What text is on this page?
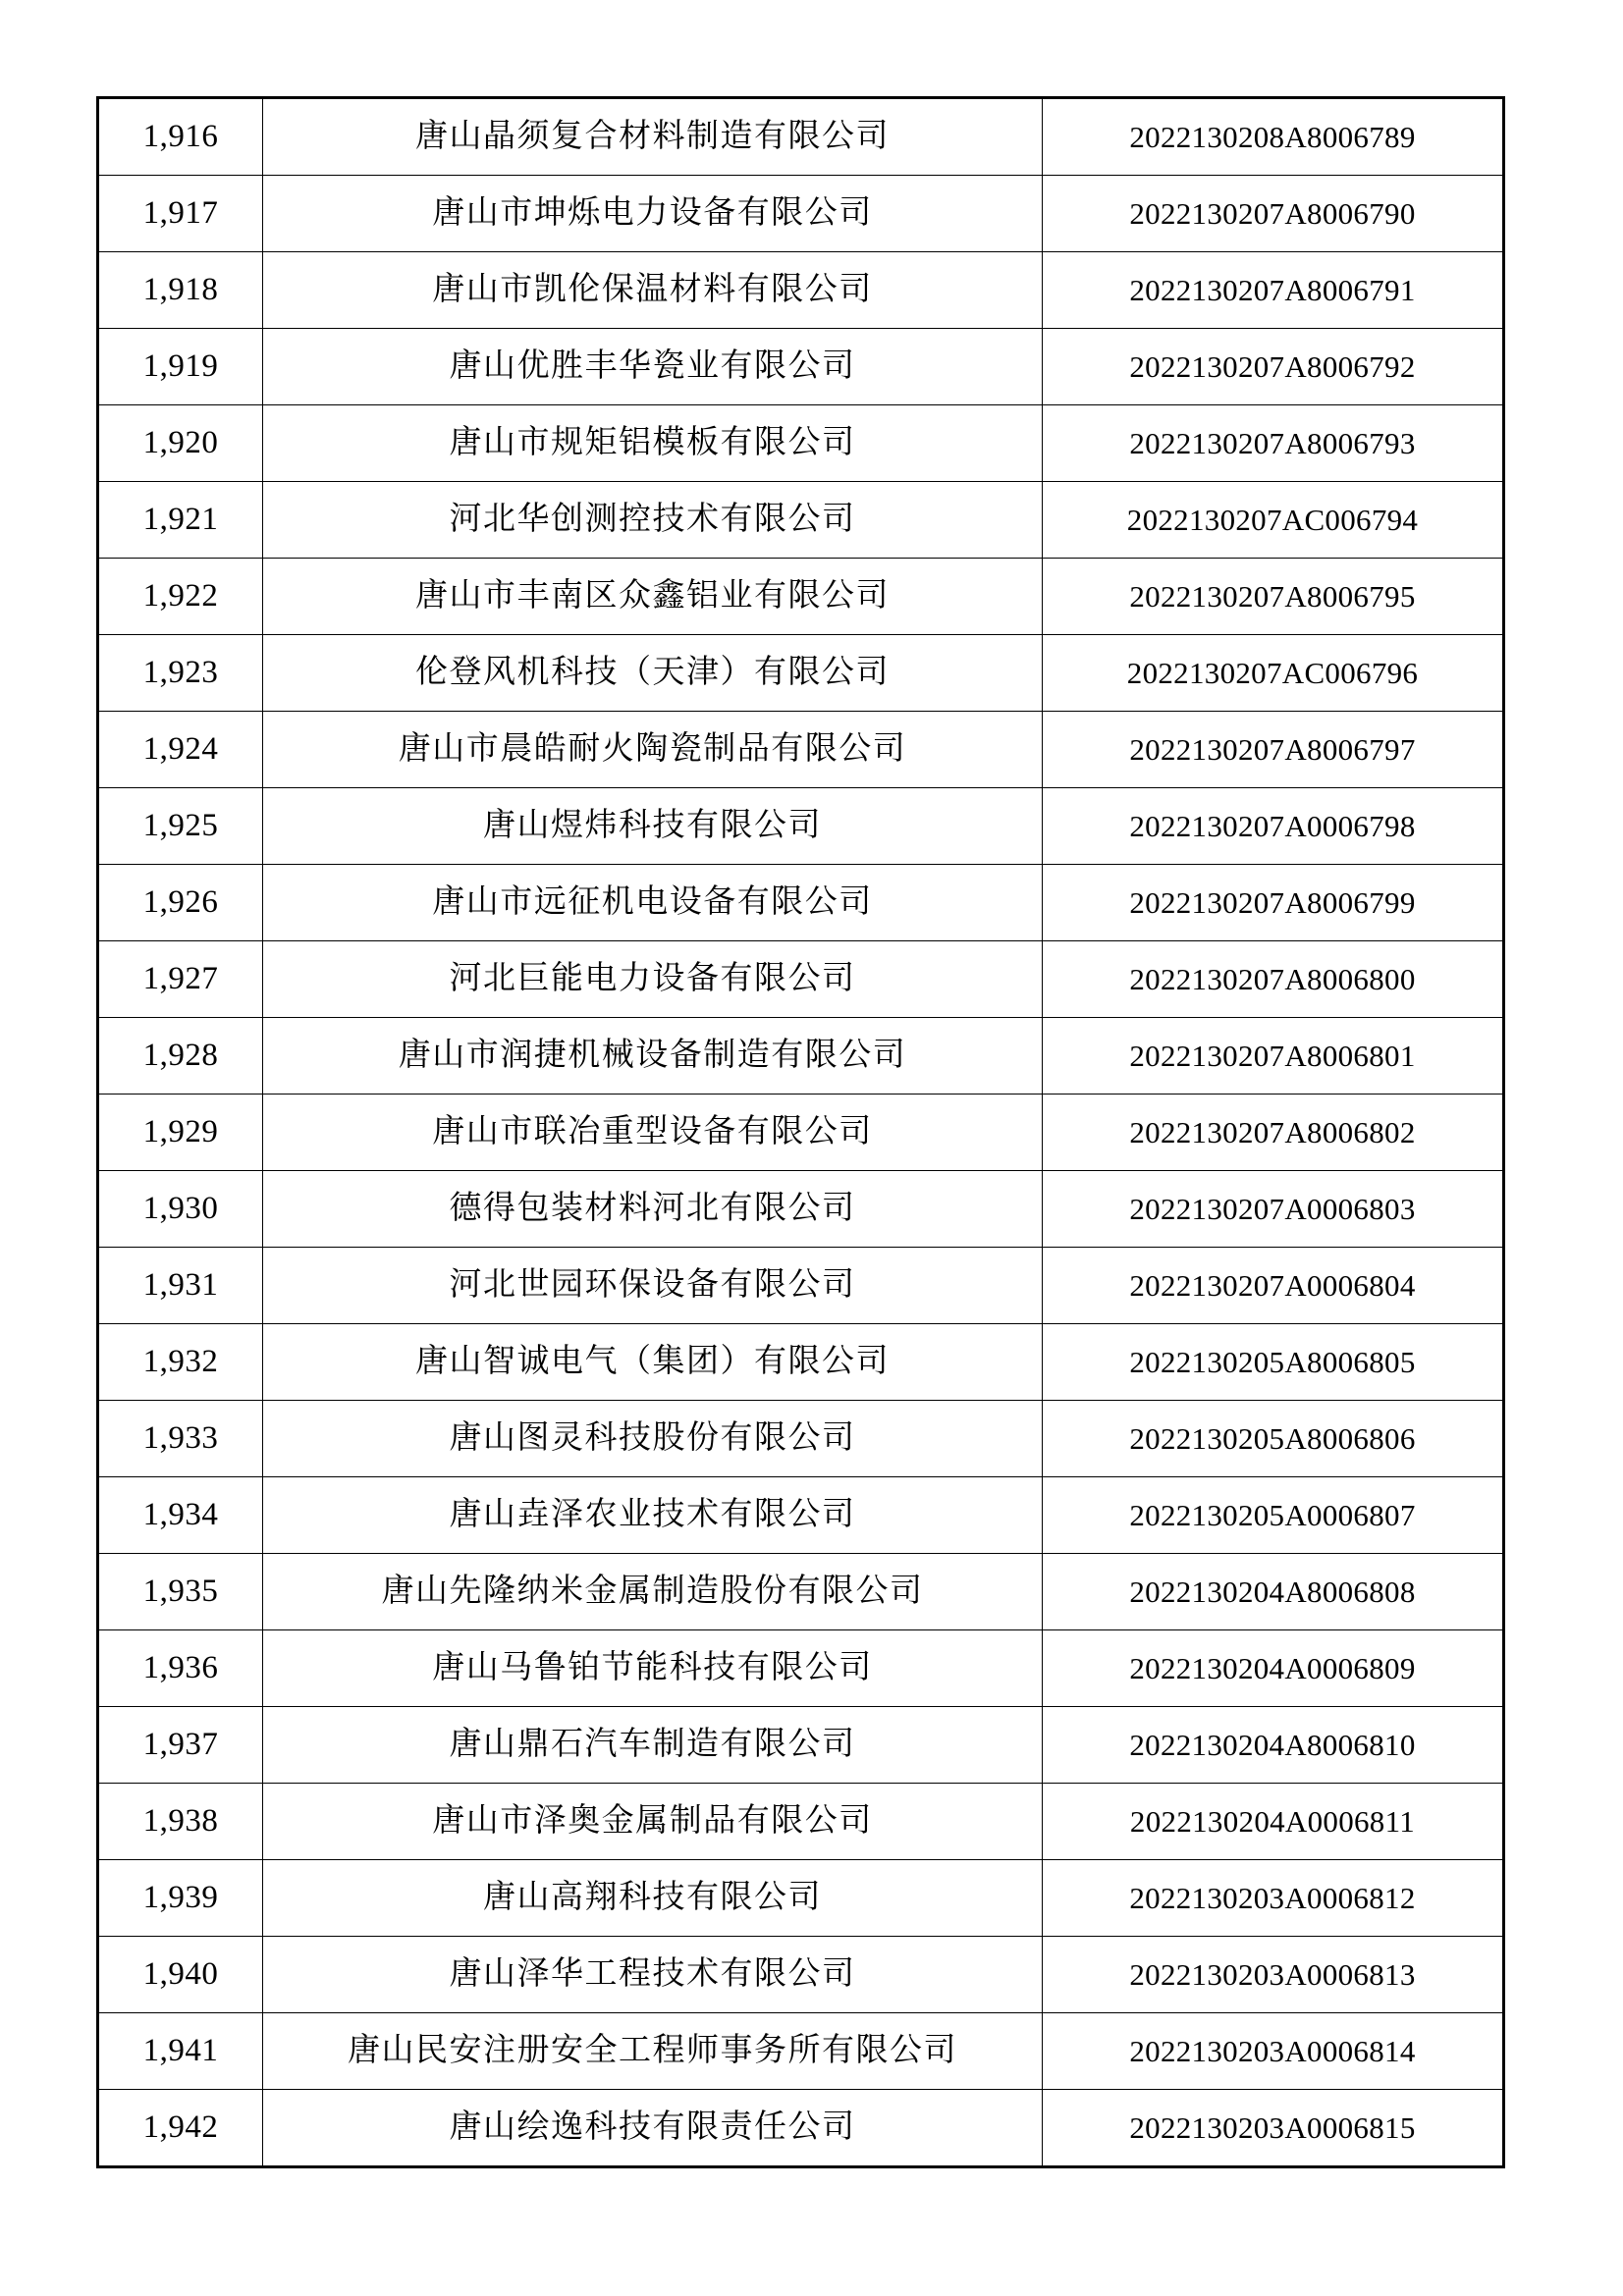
1,916	唐山晶须复合材料制造有限公司	2022130208A8006789
1,917	唐山市坤烁电力设备有限公司	2022130207A8006790
1,918	唐山市凯伦保温材料有限公司	2022130207A8006791
1,919	唐山优胜丰华瓷业有限公司	2022130207A8006792
1,920	唐山市规矩铝模板有限公司	2022130207A8006793
1,921	河北华创测控技术有限公司	2022130207AC006794
1,922	唐山市丰南区众鑫铝业有限公司	2022130207A8006795
1,923	伦登风机科技（天津）有限公司	2022130207AC006796
1,924	唐山市晨皓耐火陶瓷制品有限公司	2022130207A8006797
1,925	唐山煜炜科技有限公司	2022130207A0006798
1,926	唐山市远征机电设备有限公司	2022130207A8006799
1,927	河北巨能电力设备有限公司	2022130207A8006800
1,928	唐山市润捷机械设备制造有限公司	2022130207A8006801
1,929	唐山市联冶重型设备有限公司	2022130207A8006802
1,930	德得包装材料河北有限公司	2022130207A0006803
1,931	河北世园环保设备有限公司	2022130207A0006804
1,932	唐山智诚电气（集团）有限公司	2022130205A8006805
1,933	唐山图灵科技股份有限公司	2022130205A8006806
1,934	唐山垚泽农业技术有限公司	2022130205A0006807
1,935	唐山先隆纳米金属制造股份有限公司	2022130204A8006808
1,936	唐山马鲁铂节能科技有限公司	2022130204A0006809
1,937	唐山鼎石汽车制造有限公司	2022130204A8006810
1,938	唐山市泽奥金属制品有限公司	2022130204A0006811
1,939	唐山高翔科技有限公司	2022130203A0006812
1,940	唐山泽华工程技术有限公司	2022130203A0006813
1,941	唐山民安注册安全工程师事务所有限公司	2022130203A0006814
1,942	唐山绘逸科技有限责任公司	2022130203A0006815
